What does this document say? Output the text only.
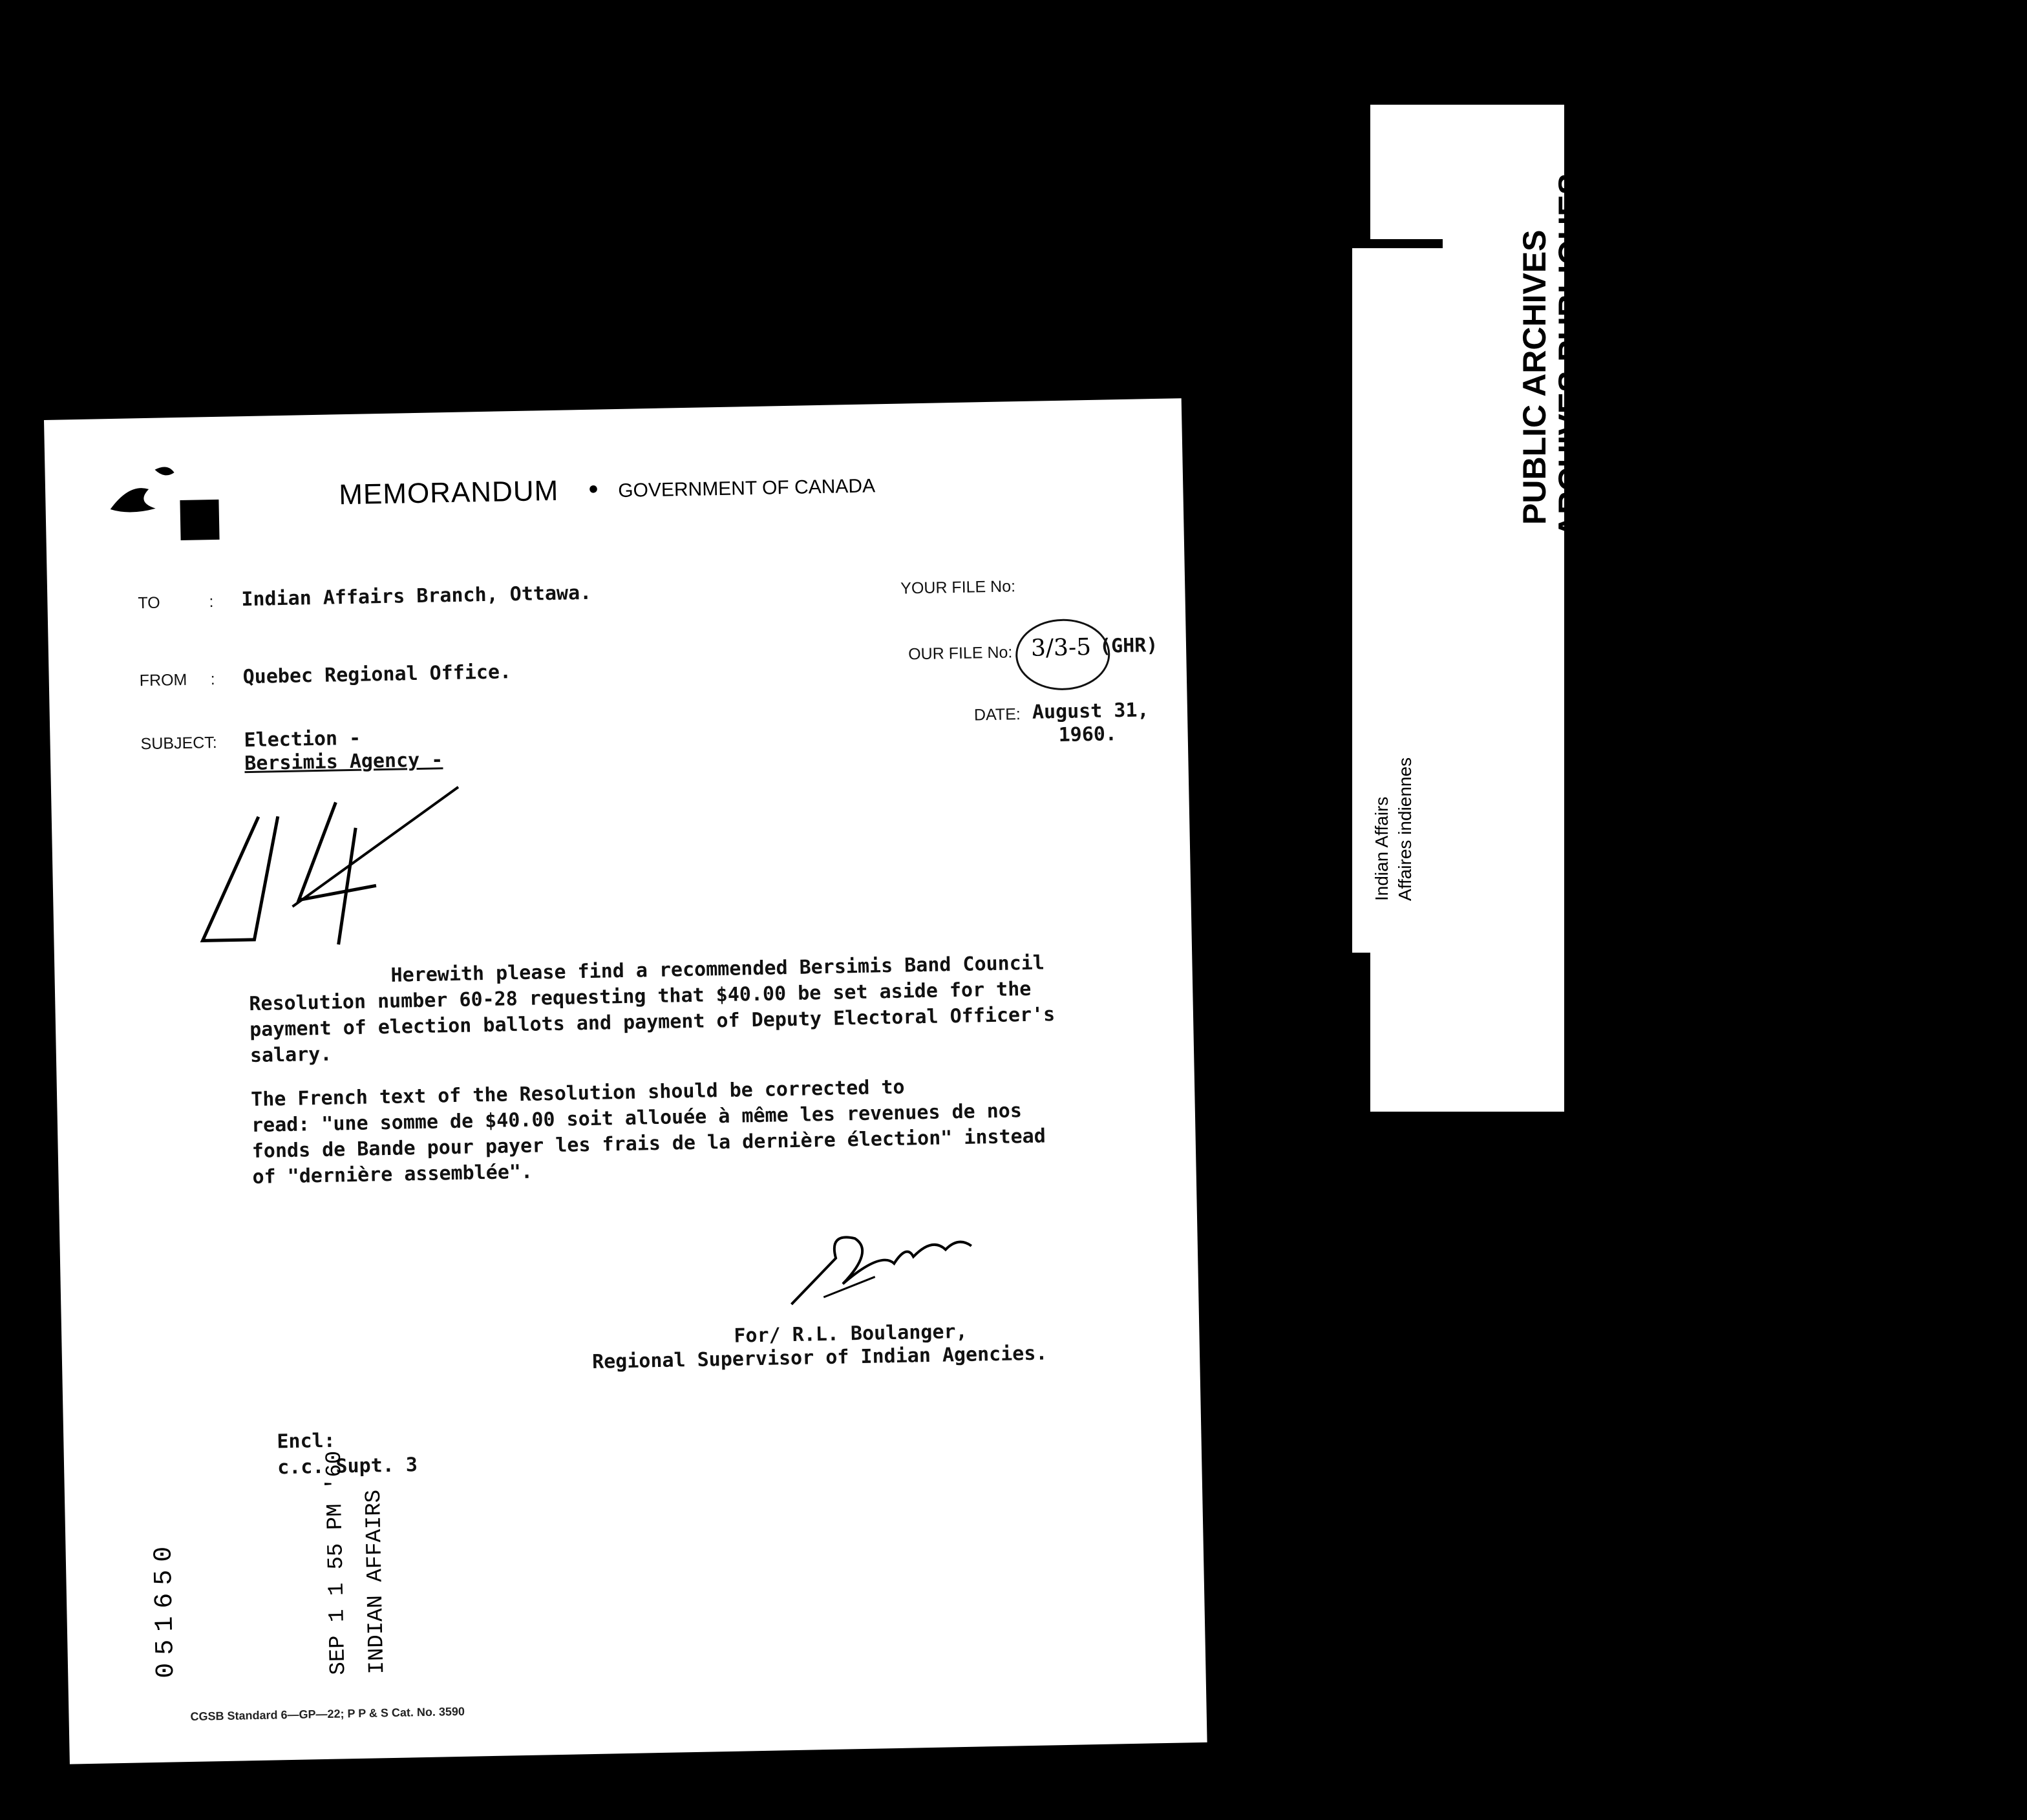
MEMORANDUM • GOVERNMENT OF CANADA
TO	: Indian Affairs Branch, Ottawa.
FROM : Quebec Regional Office.
SUBJECT: Election -
Bersimis Agency -
YOUR FILE No:
OUR FILE No: 3/3-5 (GHR)
DATE: August 31,
1960.
Herewith please find a recommended Bersimis Band Council
Resolution number 60-28 requesting that $40.00 be set aside for the
payment of election ballots and payment of Deputy Electoral Officer's
salary.
The French text of the Resolution should be corrected to
read: "une somme de $40.00 soit allouée à même les revenues de nos
fonds de Bande pour payer les frais de la dernière élection" instead
of "dernière assemblée".
For/ R.L. Boulanger,
Regional Supervisor of Indian Agencies.
Encl:
c.c. Supt. 3
051650	SEP 1 1 55 PM '60 INDIAN AFFAIRS
CGSB Standard 6—GP—22; P P & S Cat. No. 3590
PUBLIC ARCHIVES ARCHIVES PUBLIQUES
CANADA
Indian Affairs Affaires indiennes
